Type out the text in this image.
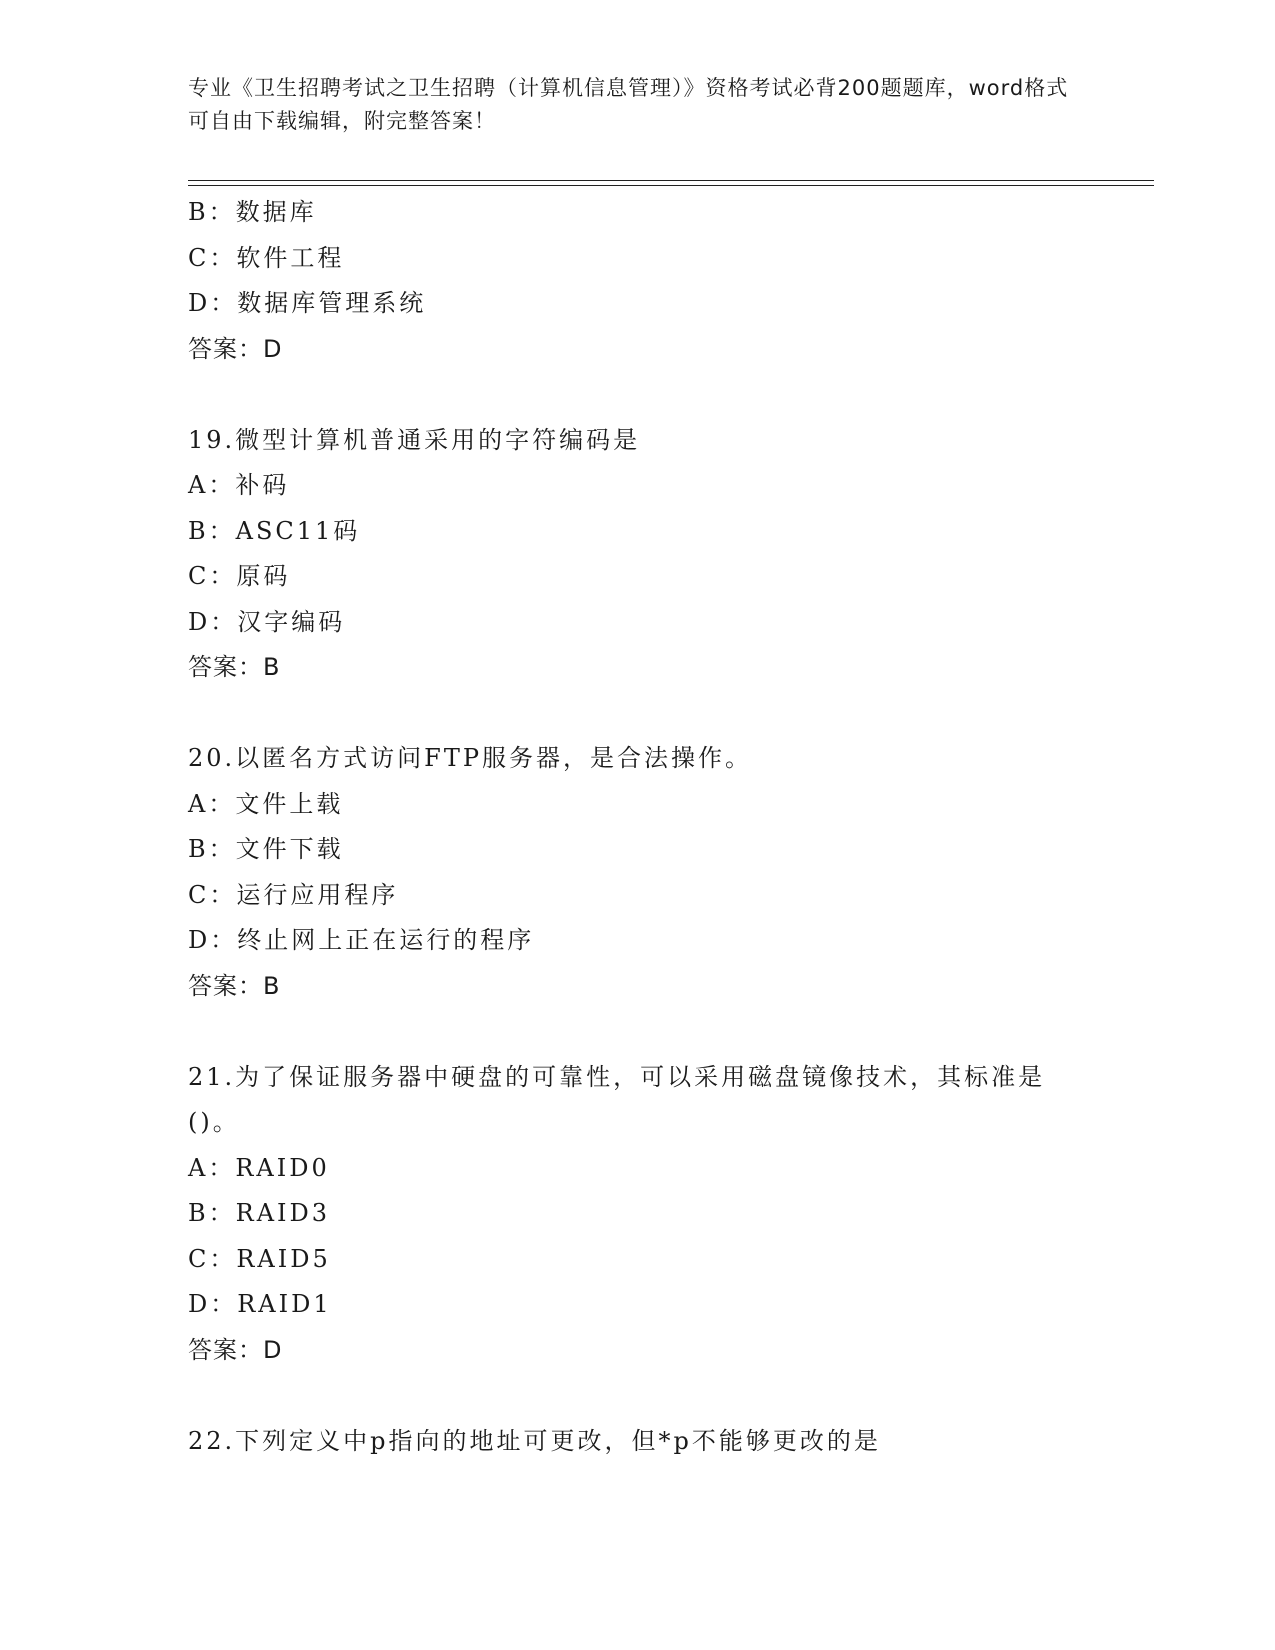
专业《卫生招聘考试之卫生招聘（计算机信息管理）》资格考试必背200题题库，word格式可自由下载编辑，附完整答案！
B：数据库
C：软件工程
D：数据库管理系统
答案：D
19.微型计算机普通采用的字符编码是
A：补码
B：ASC11码
C：原码
D：汉字编码
答案：B
20.以匿名方式访问FTP服务器，是合法操作。
A：文件上载
B：文件下载
C：运行应用程序
D：终止网上正在运行的程序
答案：B
21.为了保证服务器中硬盘的可靠性，可以采用磁盘镜像技术，其标准是()。
A：RAID0
B：RAID3
C：RAID5
D：RAID1
答案：D
22.下列定义中p指向的地址可更改，但*p不能够更改的是
